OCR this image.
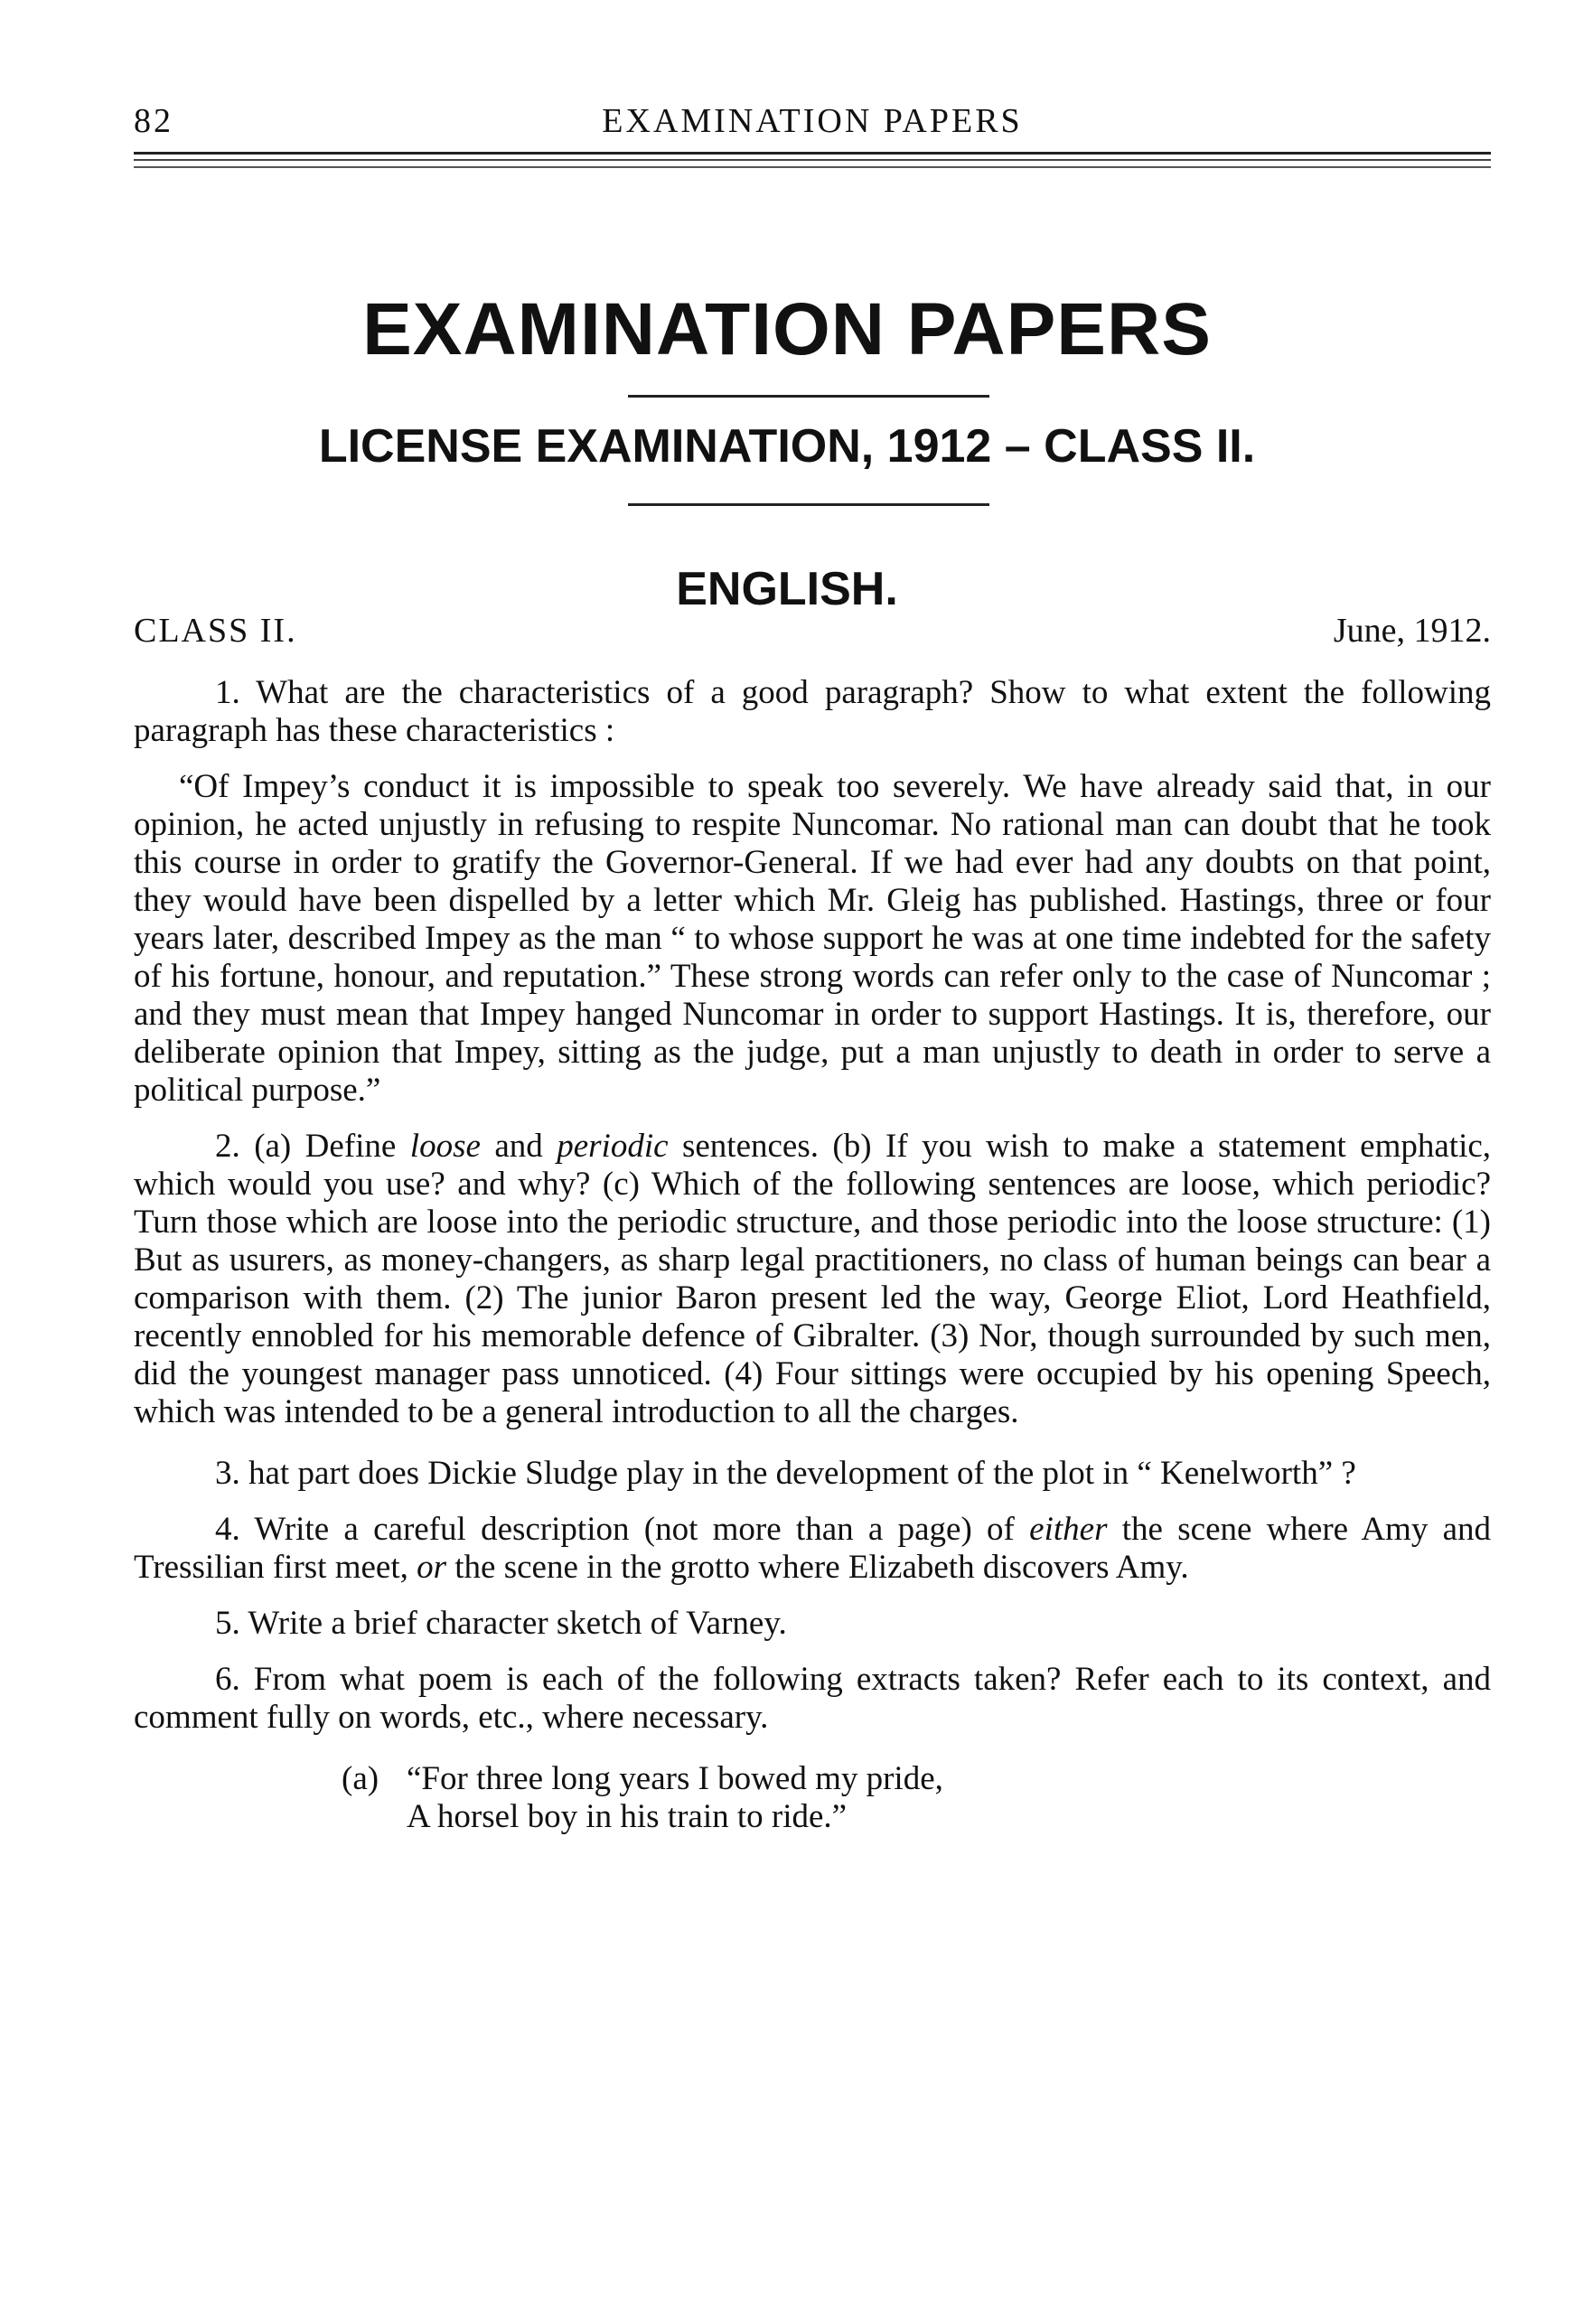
82	EXAMINATION PAPERS
EXAMINATION PAPERS
LICENSE EXAMINATION, 1912 – CLASS II.
ENGLISH.
CLASS II.	June, 1912.

1. What are the characteristics of a good paragraph? Show to what extent the following paragraph has these characteristics :

“Of Impey’s conduct it is impossible to speak too severely. We have already said that, in our opinion, he acted unjustly in refusing to respite Nuncomar. No rational man can doubt that he took this course in order to gratify the Governor-General. If we had ever had any doubts on that point, they would have been dispelled by a letter which Mr. Gleig has published. Hastings, three or four years later, described Impey as the man “ to whose support he was at one time indebted for the safety of his fortune, honour, and reputation.” These strong words can refer only to the case of Nuncomar ; and they must mean that Impey hanged Nuncomar in order to support Hastings. It is, therefore, our deliberate opinion that Impey, sitting as the judge, put a man unjustly to death in order to serve a political purpose.”

2. (a) Define loose and periodic sentences. (b) If you wish to make a statement emphatic, which would you use? and why? (c) Which of the following sentences are loose, which periodic? Turn those which are loose into the periodic structure, and those periodic into the loose structure: (1) But as usurers, as money-changers, as sharp legal practitioners, no class of human beings can bear a comparison with them. (2) The junior Baron present led the way, George Eliot, Lord Heathfield, recently ennobled for his memorable defence of Gibralter. (3) Nor, though surrounded by such men, did the youngest manager pass unnoticed. (4) Four sittings were occupied by his opening Speech, which was intended to be a general introduction to all the charges.

3. hat part does Dickie Sludge play in the development of the plot in “ Kenelworth” ?

4. Write a careful description (not more than a page) of either the scene where Amy and Tressilian first meet, or the scene in the grotto where Elizabeth discovers Amy.

5. Write a brief character sketch of Varney.

6. From what poem is each of the following extracts taken? Refer each to its context, and comment fully on words, etc., where necessary.

(a) “For three long years I bowed my pride,
A horsel boy in his train to ride.”
